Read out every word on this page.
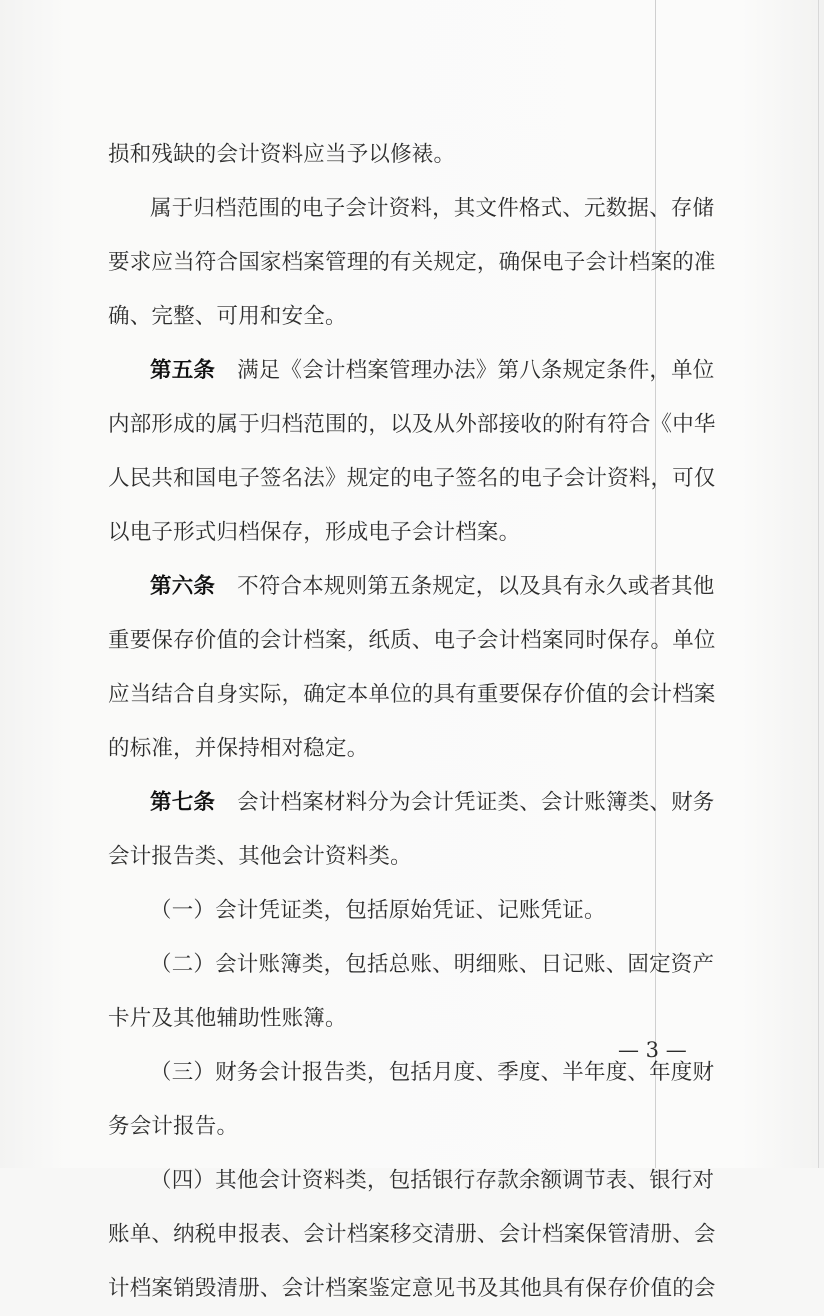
损和残缺的会计资料应当予以修裱。
属于归档范围的电子会计资料，其文件格式、元数据、存储
要求应当符合国家档案管理的有关规定，确保电子会计档案的准
确、完整、可用和安全。
第五条 满足《会计档案管理办法》第八条规定条件，单位
内部形成的属于归档范围的，以及从外部接收的附有符合《中华
人民共和国电子签名法》规定的电子签名的电子会计资料，可仅
以电子形式归档保存，形成电子会计档案。
第六条 不符合本规则第五条规定，以及具有永久或者其他
重要保存价值的会计档案，纸质、电子会计档案同时保存。单位
应当结合自身实际，确定本单位的具有重要保存价值的会计档案
的标准，并保持相对稳定。
第七条 会计档案材料分为会计凭证类、会计账簿类、财务
会计报告类、其他会计资料类。
（一）会计凭证类，包括原始凭证、记账凭证。
（二）会计账簿类，包括总账、明细账、日记账、固定资产
卡片及其他辅助性账簿。
（三）财务会计报告类，包括月度、季度、半年度、年度财
务会计报告。
（四）其他会计资料类，包括银行存款余额调节表、银行对
账单、纳税申报表、会计档案移交清册、会计档案保管清册、会
计档案销毁清册、会计档案鉴定意见书及其他具有保存价值的会
— 3 —
